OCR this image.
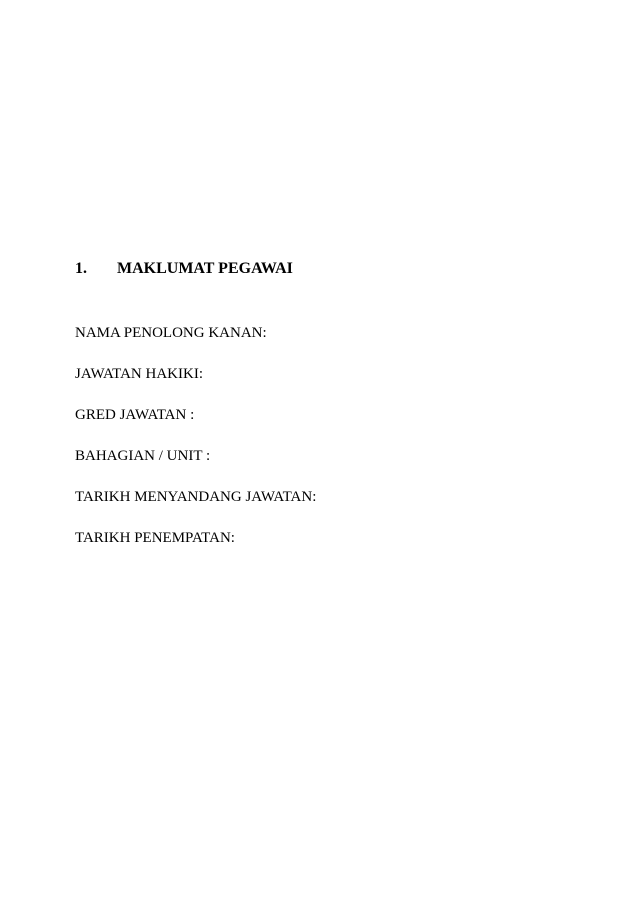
1.	MAKLUMAT PEGAWAI
NAMA PENOLONG KANAN:
JAWATAN HAKIKI:
GRED JAWATAN :
BAHAGIAN / UNIT :
TARIKH MENYANDANG JAWATAN:
TARIKH PENEMPATAN:
